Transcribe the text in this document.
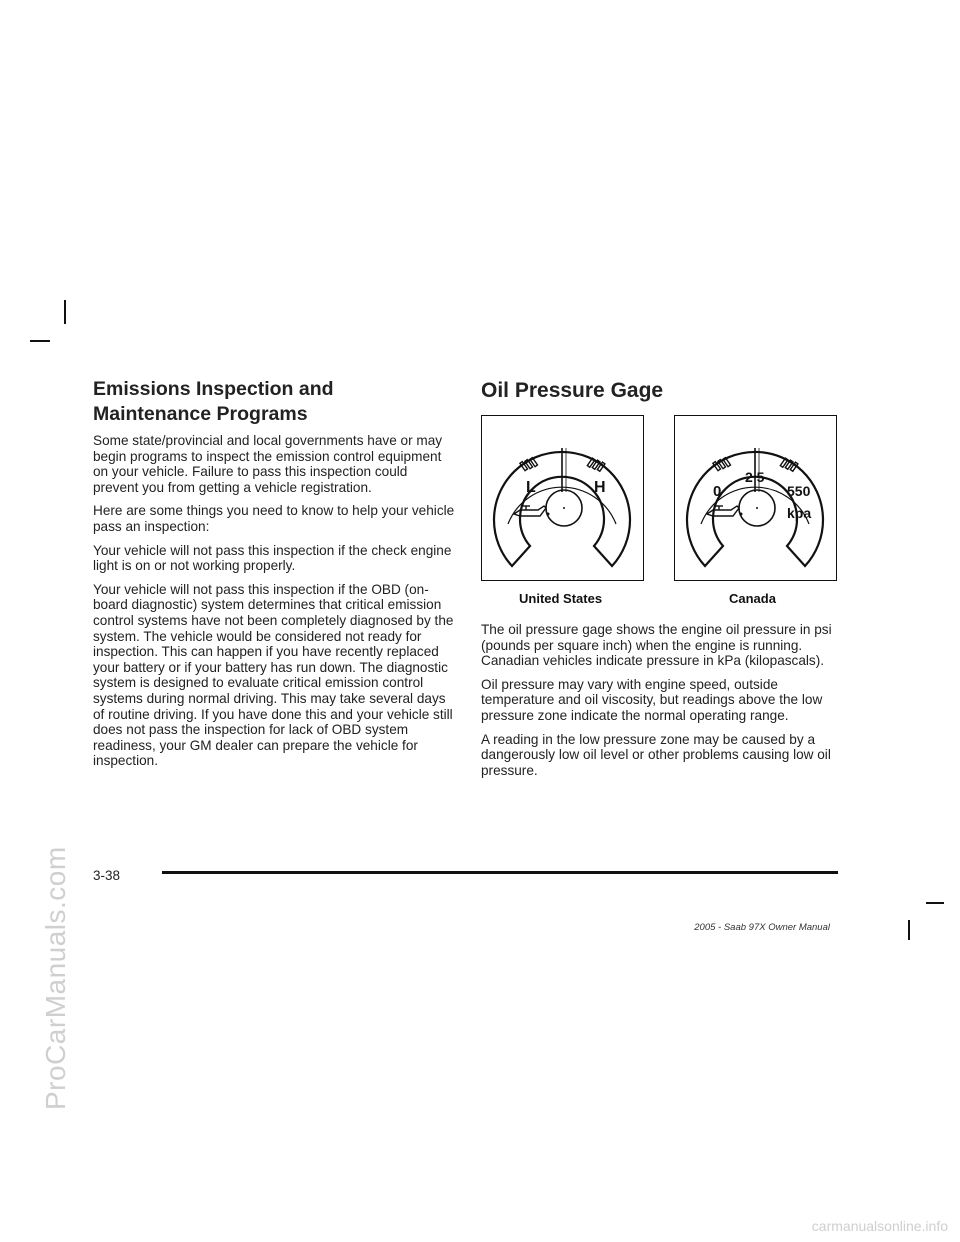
ProCarManuals.com
carmanualsonline.info
Emissions Inspection and Maintenance Programs

Some state/provincial and local governments have or may begin programs to inspect the emission control equipment on your vehicle. Failure to pass this inspection could prevent you from getting a vehicle registration.

Here are some things you need to know to help your vehicle pass an inspection:

Your vehicle will not pass this inspection if the check engine light is on or not working properly.

Your vehicle will not pass this inspection if the OBD (on-board diagnostic) system determines that critical emission control systems have not been completely diagnosed by the system. The vehicle would be considered not ready for inspection. This can happen if you have recently replaced your battery or if your battery has run down. The diagnostic system is designed to evaluate critical emission control systems during normal driving. This may take several days of routine driving. If you have done this and your vehicle still does not pass the inspection for lack of OBD system readiness, your GM dealer can prepare the vehicle for inspection.

Oil Pressure Gage
L	H
United States
0
2 5
550
kpa
Canada

The oil pressure gage shows the engine oil pressure in psi (pounds per square inch) when the engine is running. Canadian vehicles indicate pressure in kPa (kilopascals).

Oil pressure may vary with engine speed, outside temperature and oil viscosity, but readings above the low pressure zone indicate the normal operating range.

A reading in the low pressure zone may be caused by a dangerously low oil level or other problems causing low oil pressure.

3-38
2005 - Saab 97X Owner Manual
